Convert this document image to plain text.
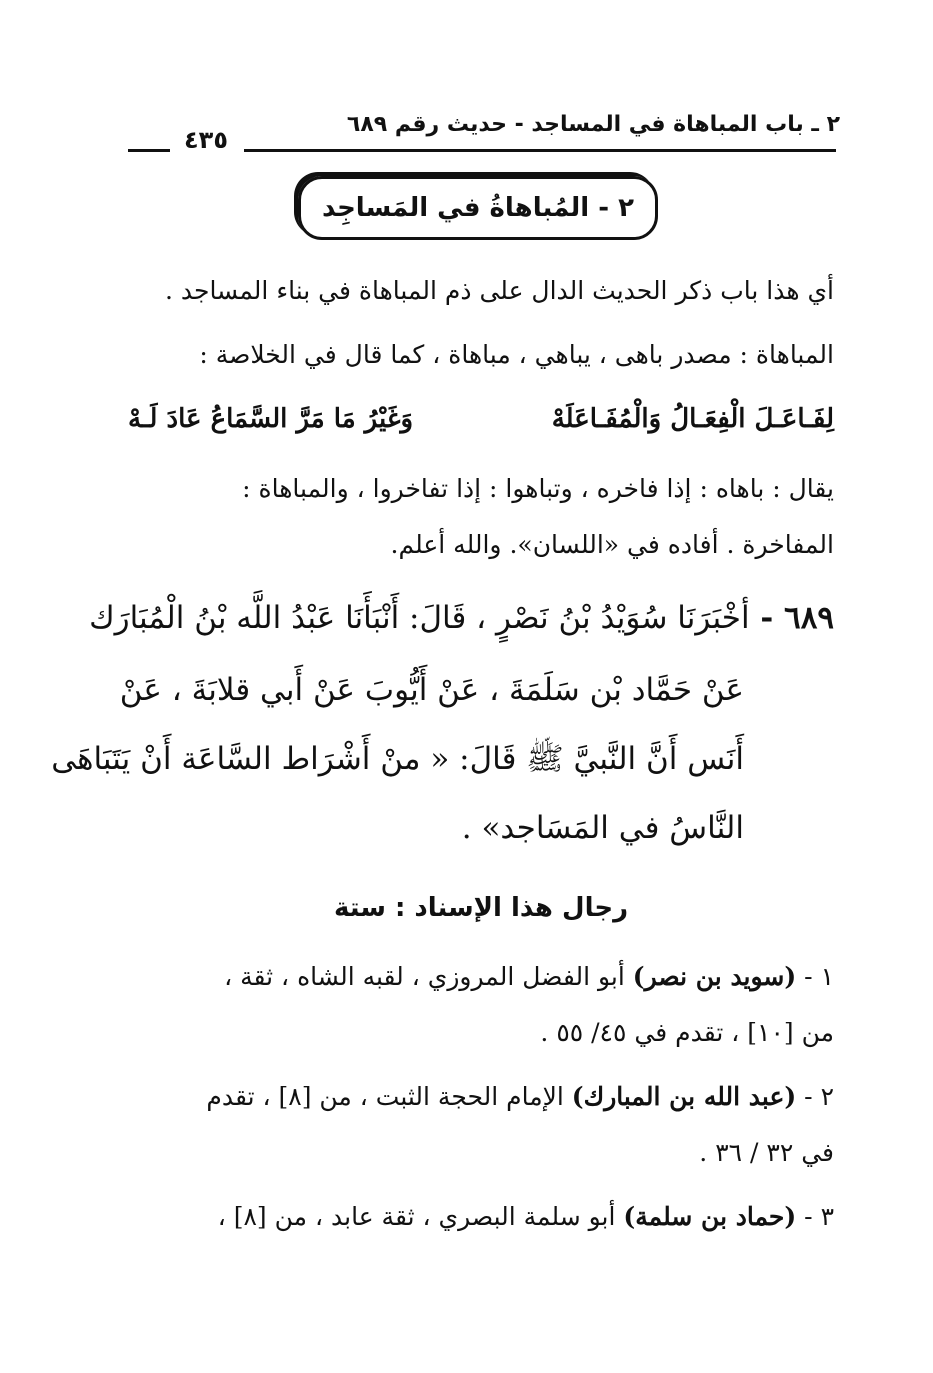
٢ ـ باب المباهاة في المساجد - حديث رقم ٦٨٩
٤٣٥
٢ - المُباهاةُ في المَساجِد
أي هذا باب ذكر الحديث الدال على ذم المباهاة في بناء المساجد .
المباهاة : مصدر باهى ، يباهي ، مباهاة ، كما قال في الخلاصة :
لِفَـاعَـلَ الْفِعَـالُ وَالْمُفَـاعَلَهْ
وَغَيْرُ مَا مَرَّ السَّمَاعُ عَادَ لَـهْ
يقال : باهاه : إذا فاخره ، وتباهوا : إذا تفاخروا ، والمباهاة :
المفاخرة . أفاده في «اللسان». والله أعلم.
٦٨٩ - أخْبَرَنَا سُوَيْدُ بْنُ نَصْرٍ ، قَالَ: أَنْبَأَنَا عَبْدُ اللَّه بْنُ الْمُبَارَك
عَنْ حَمَّاد بْن سَلَمَةَ ، عَنْ أَيُّوبَ عَنْ أَبي قلابَةَ ، عَنْ
أَنَس أَنَّ النَّبيَّ ﷺ قَالَ: « منْ أَشْرَاط السَّاعَة أَنْ يَتَبَاهَى
النَّاسُ في المَسَاجد» .
رجال هذا الإسناد : ستة
١ - (سويد بن نصر) أبو الفضل المروزي ، لقبه الشاه ، ثقة ،
من [١٠] ، تقدم في ٤٥/ ٥٥ .
٢ - (عبد الله بن المبارك) الإمام الحجة الثبت ، من [٨] ، تقدم
في ٣٢ / ٣٦ .
٣ - (حماد بن سلمة) أبو سلمة البصري ، ثقة عابد ، من [٨] ،
